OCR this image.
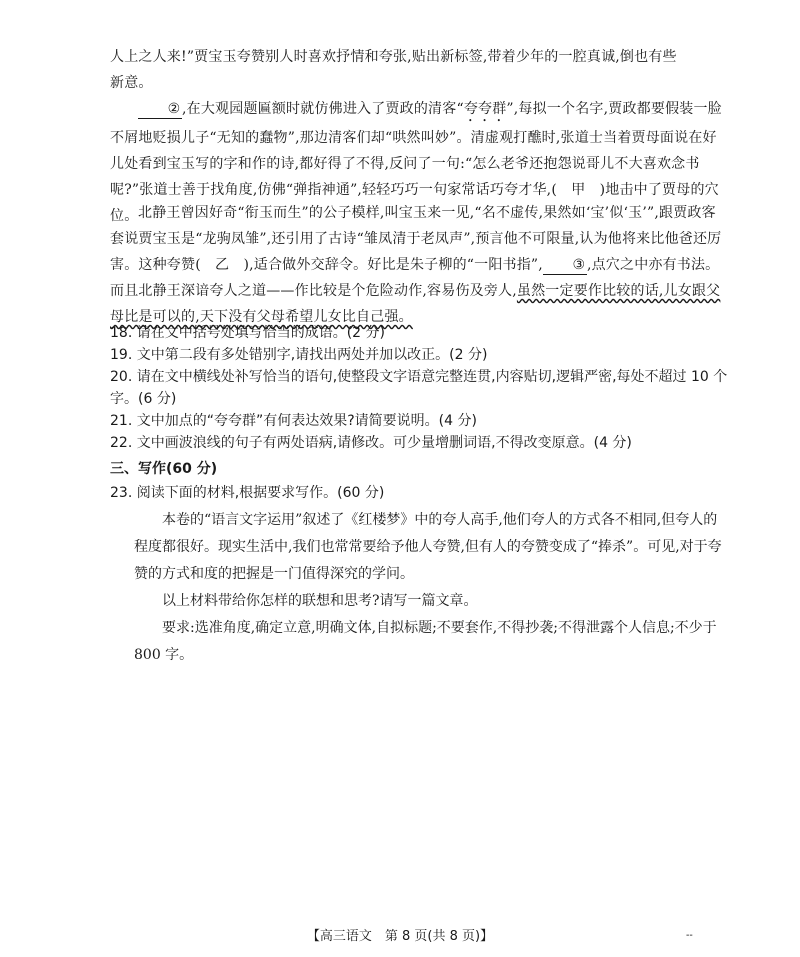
人上之人来!”贾宝玉夸赞别人时喜欢抒情和夸张,贴出新标签,带着少年的一腔真诚,倒也有些
新意。

② ,在大观园题匾额时就仿佛进入了贾政的清客“夸夸群”,每拟一个名字,贾政都要假装一脸不屑地贬损儿子“无知的蠢物”,那边清客们却“哄然叫妙”。清虚观打醮时,张道士当着贾母面说在好儿处看到宝玉写的字和作的诗,都好得了不得,反问了一句:“怎么老爷还抱怨说哥儿不大喜欢念书呢?”张道士善于找角度,仿佛“弹指神通”,轻轻巧巧一句家常话巧夸才华,(　甲　)地击中了贾母的穴位。 北静王曾因好奇“衔玉而生”的公子模样,叫宝玉来一见,“名不虚传,果然如‘宝’似‘玉’”,跟贾政客套说贾宝玉是“龙驹凤雏”,还引用了古诗“雏凤清于老凤声”,预言他不可限量,认为他将来比他爸还厉害。这种夸赞(　乙　),适合做外交辞令。好比是朱子柳的“一阳书指”, ③ ,点穴之中亦有书法。而且北静王深谙夸人之道——作比较是个危险动作,容易伤及旁人,虽然一定要作比较的话,儿女跟父母比是可以的,天下没有父母希望儿女比自己强。

18. 请在文中括号处填写恰当的成语。(2 分)
19. 文中第二段有多处错别字,请找出两处并加以改正。(2 分)
20. 请在文中横线处补写恰当的语句,使整段文字语意完整连贯,内容贴切,逻辑严密,每处不超过 10 个字。(6 分)
21. 文中加点的“夸夸群”有何表达效果?请简要说明。(4 分)
22. 文中画波浪线的句子有两处语病,请修改。可少量增删词语,不得改变原意。(4 分)
三、写作(60 分)
23. 阅读下面的材料,根据要求写作。(60 分)
本卷的“语言文字运用”叙述了《红楼梦》中的夸人高手,他们夸人的方式各不相同,但夸人的程度都很好。现实生活中,我们也常常要给予他人夸赞,但有人的夸赞变成了“捧杀”。可见,对于夸赞的方式和度的把握是一门值得深究的学问。
以上材料带给你怎样的联想和思考?请写一篇文章。
要求:选准角度,确定立意,明确文体,自拟标题;不要套作,不得抄袭;不得泄露个人信息;不少于 800 字。
【高三语文　第 8 页(共 8 页)】	--
